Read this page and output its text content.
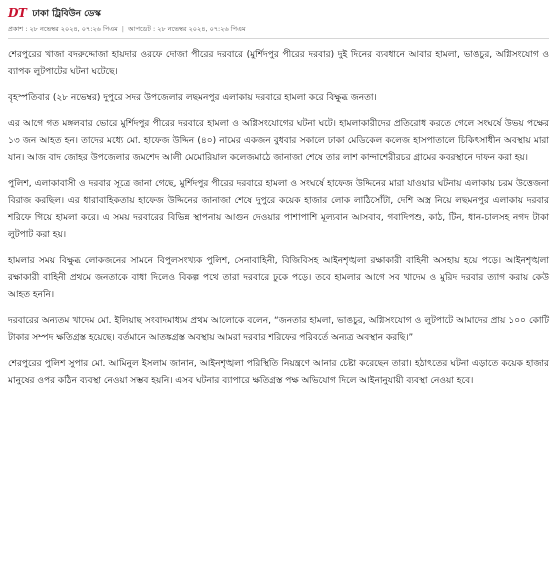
DT ঢাকা ট্রিবিউন ডেস্ক
প্রকাশ : ২৮ নভেম্বর ২০২৪, ০৭:২৬ পিএম | আপডেট : ২৮ নভেম্বর ২০২৪, ০৭:২৬ পিএম

শেরপুরের খাজা বদরুদ্দোজা হায়দার ওরফে দোজা পীরের দরবারে (মুর্শিদপুর পীরের দরবার) দুই দিনের ব্যবধানে আবার হামলা, ভাঙচুর, অগ্নিসংযোগ ও ব্যাপক লুটপাটের ঘটনা ঘটেছে।

বৃহস্পতিবার (২৮ নভেম্বর) দুপুরে সদর উপজেলার লছমনপুর এলাকায় দরবারে হামলা করে বিক্ষুব্ধ জনতা।

এর আগে গত মঙ্গলবার ভোরে মুর্শিদপুর পীরের দরবারে হামলা ও অগ্নিসংযোগের ঘটনা ঘটে। হামলাকারীদের প্রতিরোধ করতে গেলে সংঘর্ষে উভয় পক্ষের ১৩ জন আহত হন। তাদের মধ্যে মো. হাফেজ উদ্দিন (৪০) নামের একজন বুধবার সকালে ঢাকা মেডিকেল কলেজ হাসপাতালে চিকিৎসাধীন অবস্থায় মারা যান। আজ বাদ জোহর উপজেলার জমশেদ আলী মেমোরিয়াল কলেজমাঠে জানাজা শেষে তার লাশ কান্দাশেরীরচর গ্রামের কবরস্থানে দাফন করা হয়।

পুলিশ, এলাকাবাসী ও দরবার সূত্রে জানা গেছে, মুর্শিদপুর পীরের দরবারে হামলা ও সংঘর্ষে হাফেজ উদ্দিনের মারা যাওয়ার ঘটনায় এলাকায় চরম উত্তেজনা বিরাজ করছিল। এর ধারাবাহিকতায় হাফেজ উদ্দিনের জানাজা শেষে দুপুরে কয়েক হাজার লোক লাঠিসোঁটা, দেশি অস্ত্র নিয়ে লছমনপুর এলাকায় দরবার শরিফে গিয়ে হামলা করে। এ সময় দরবারের বিভিন্ন স্থাপনায় আগুন দেওয়ার পাশাপাশি মূল্যবান আসবাব, গবাদিপশু, কাঠ, টিন, ধান-চালসহ নগদ টাকা লুটপাট করা হয়।

হামলার সময় বিক্ষুব্ধ লোকজনের সামনে বিপুলসংখ্যক পুলিশ, সেনাবাহিনী, বিজিবিসহ আইনশৃঙ্খলা রক্ষাকারী বাহিনী অসহায় হয়ে পড়ে। আইনশৃঙ্খলা রক্ষাকারী বাহিনী প্রথমে জনতাকে বাধা দিলেও বিকল্প পথে তারা দরবারে ঢুকে পড়ে। তবে হামলার আগে সব খাদেম ও মুরিদ দরবার ত্যাগ করায় কেউ আহত হননি।

দরবারের অন্যতম খাদেম মো. ইলিয়াছ সংবাদমাধ্যম প্রথম আলোকে বলেন, “জনতার হামলা, ভাঙচুর, অগ্নিসংযোগ ও লুটপাটে আমাদের প্রায় ১০০ কোটি টাকার সম্পদ ক্ষতিগ্রস্ত হয়েছে। বর্তমানে আতঙ্কগ্রস্ত অবস্থায় আমরা দরবার শরিফের পরিবর্তে অন্যত্র অবস্থান করছি।”

শেরপুরের পুলিশ সুপার মো. আমিনুল ইসলাম জানান, আইনশৃঙ্খলা পরিস্থিতি নিয়ন্ত্রণে আনার চেষ্টা করেছেন তারা। হঠাৎতের ঘটনা এড়াতে কয়েক হাজার মানুষের ওপর কঠিন ব্যবস্থা নেওয়া সম্ভব হয়নি। এসব ঘটনার ব্যাপারে ক্ষতিগ্রস্ত পক্ষ অভিযোগ দিলে আইনানুযায়ী ব্যবস্থা নেওয়া হবে।
